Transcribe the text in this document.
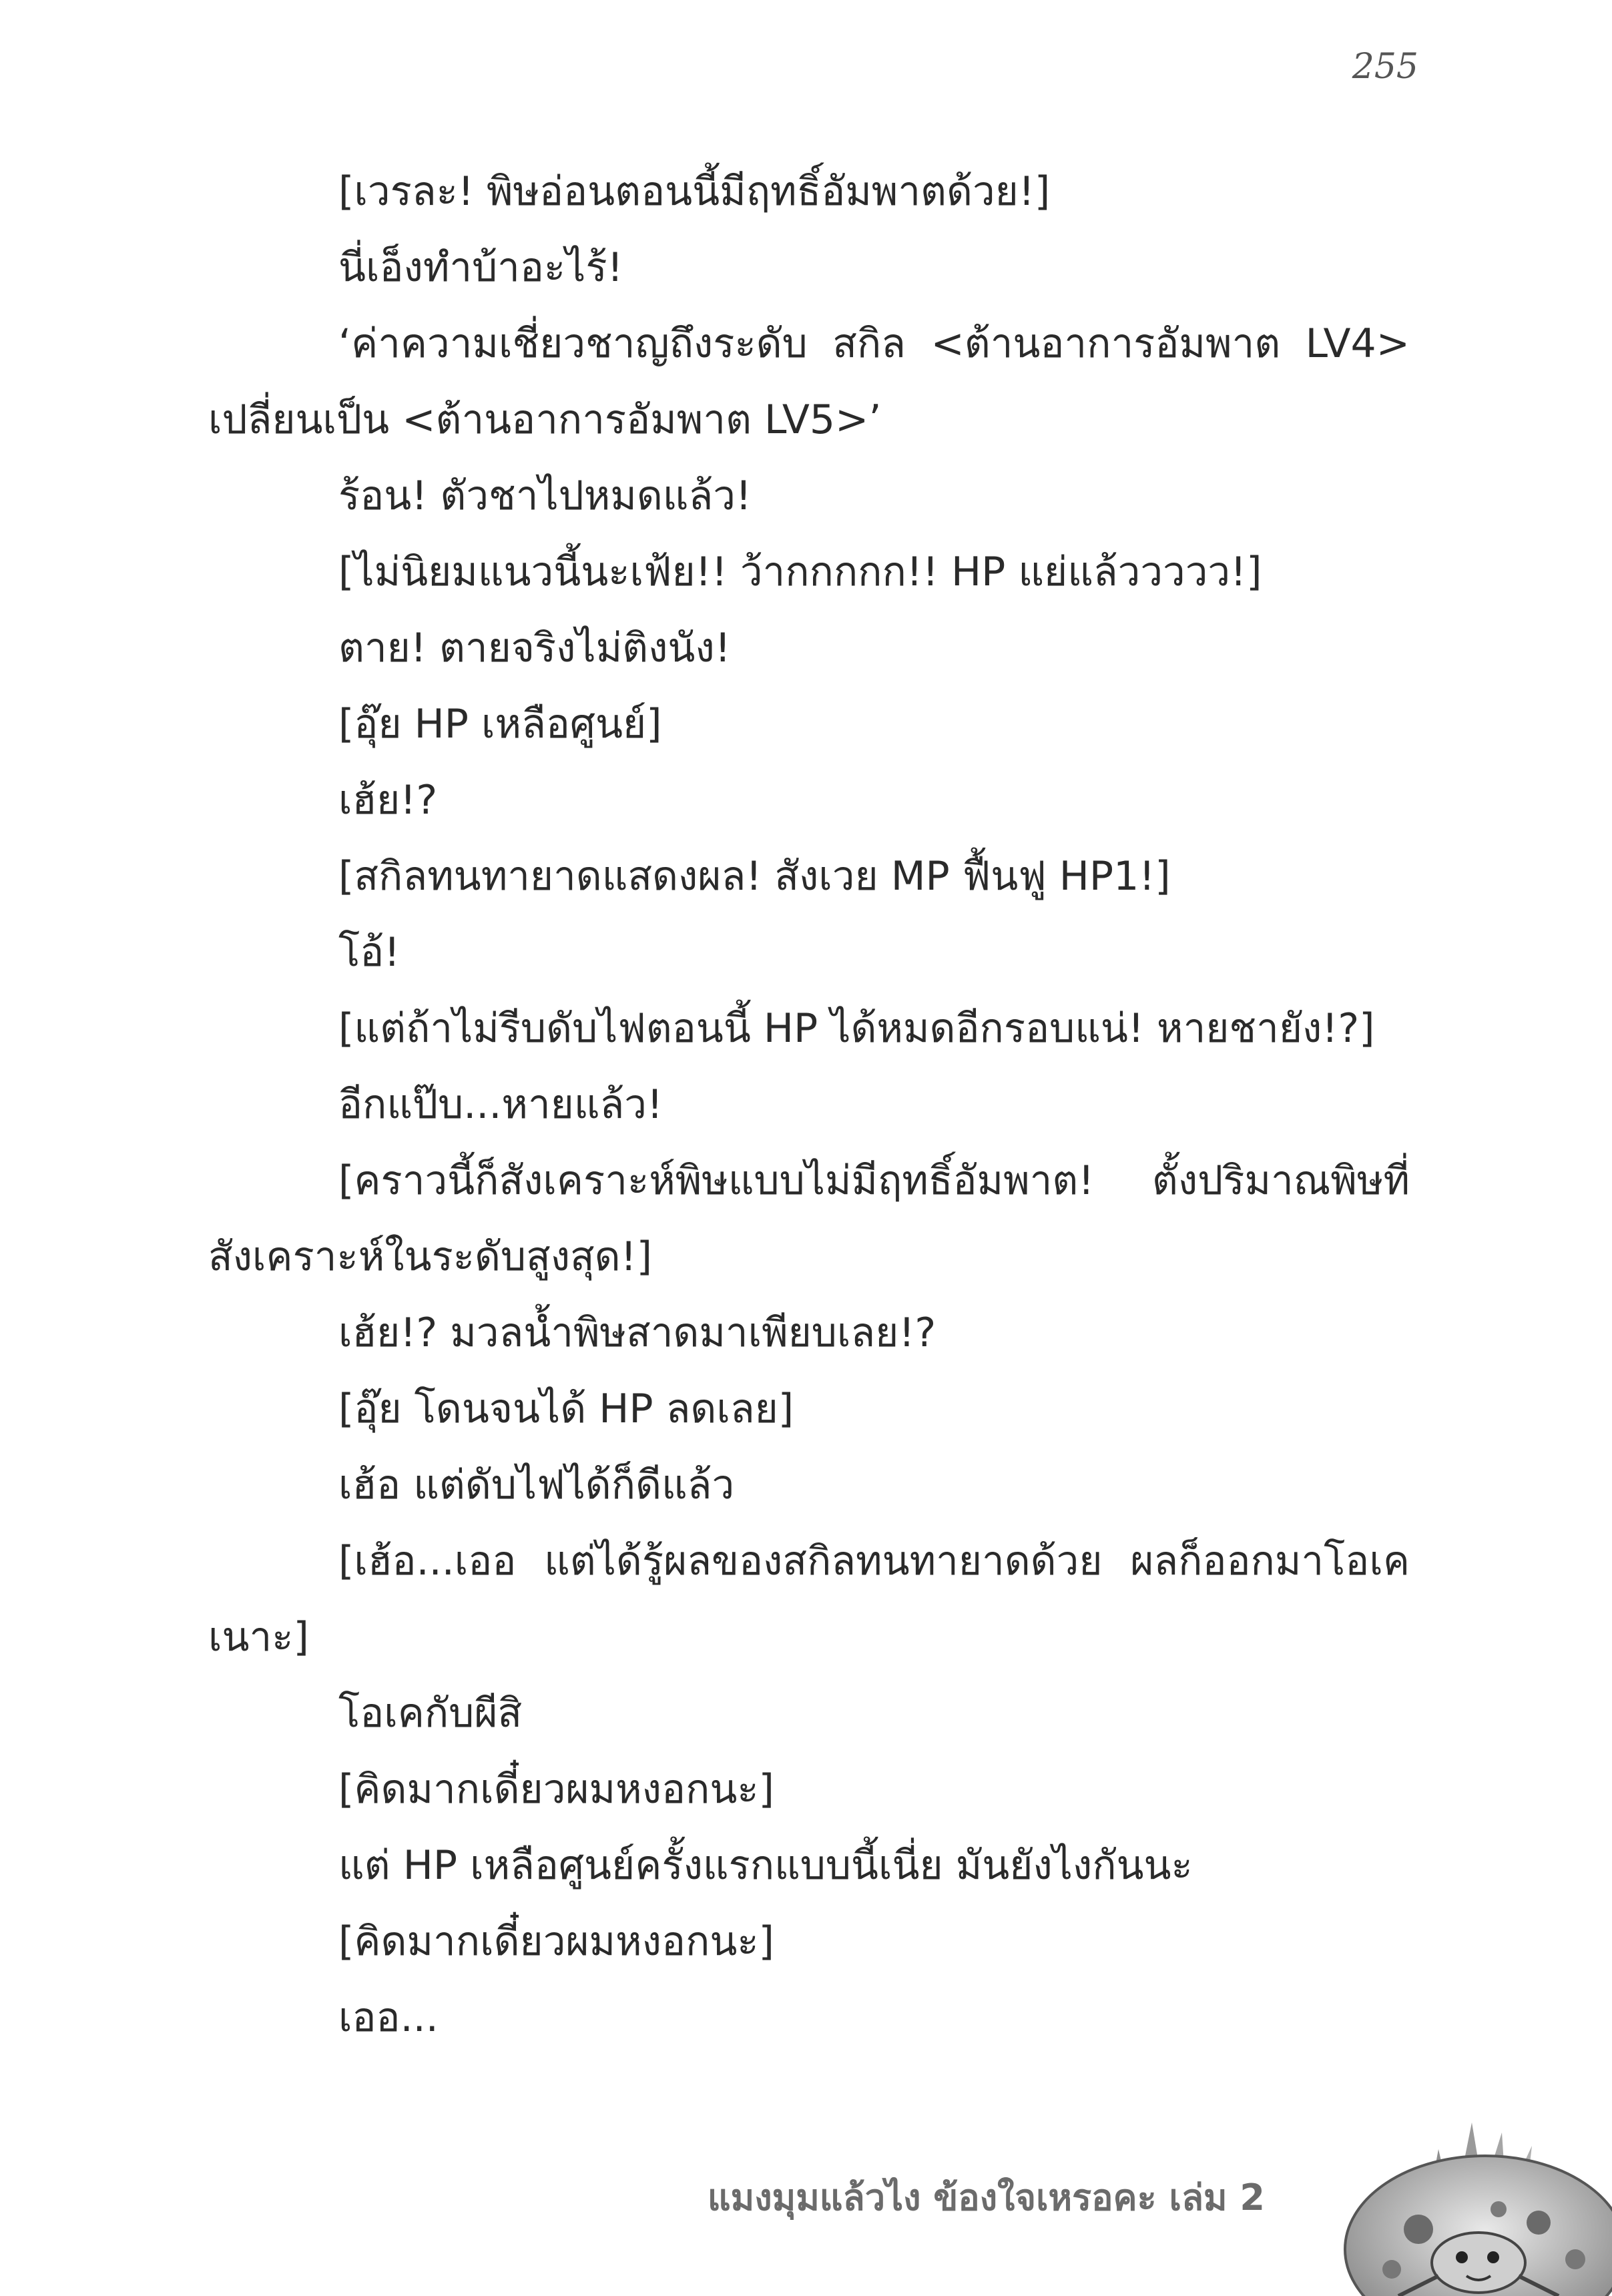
255

[เวรละ! พิษอ่อนตอนนี้มีฤทธิ์อัมพาตด้วย!]

นี่เอ็งทำบ้าอะไร้!

‘ค่าความเชี่ยวชาญถึงระดับ สกิล <ต้านอาการอัมพาต LV4> เปลี่ยนเป็น <ต้านอาการอัมพาต LV5>’

ร้อน! ตัวชาไปหมดแล้ว!

[ไม่นิยมแนวนี้นะเฟ้ย!! ว้ากกกกก!! HP แย่แล้ววววว!]

ตาย! ตายจริงไม่ติงนัง!

[อุ๊ย HP เหลือศูนย์]

เฮ้ย!?

[สกิลทนทายาดแสดงผล! สังเวย MP ฟื้นฟู HP1!]

โอ้!

[แต่ถ้าไม่รีบดับไฟตอนนี้ HP ได้หมดอีกรอบแน่! หายชายัง!?]

อีกแป๊บ...หายแล้ว!

[คราวนี้ก็สังเคราะห์พิษแบบไม่มีฤทธิ์อัมพาต! ตั้งปริมาณพิษที่สังเคราะห์ในระดับสูงสุด!]

เฮ้ย!? มวลน้ำพิษสาดมาเพียบเลย!?

[อุ๊ย โดนจนได้ HP ลดเลย]

เฮ้อ แต่ดับไฟได้ก็ดีแล้ว

[เฮ้อ...เออ แต่ได้รู้ผลของสกิลทนทายาดด้วย ผลก็ออกมาโอเคเนาะ]

โอเคกับผีสิ

[คิดมากเดี๋ยวผมหงอกนะ]

แต่ HP เหลือศูนย์ครั้งแรกแบบนี้เนี่ย มันยังไงกันนะ

[คิดมากเดี๋ยวผมหงอกนะ]

เออ...

แมงมุมแล้วไง ข้องใจเหรอคะ เล่ม 2
